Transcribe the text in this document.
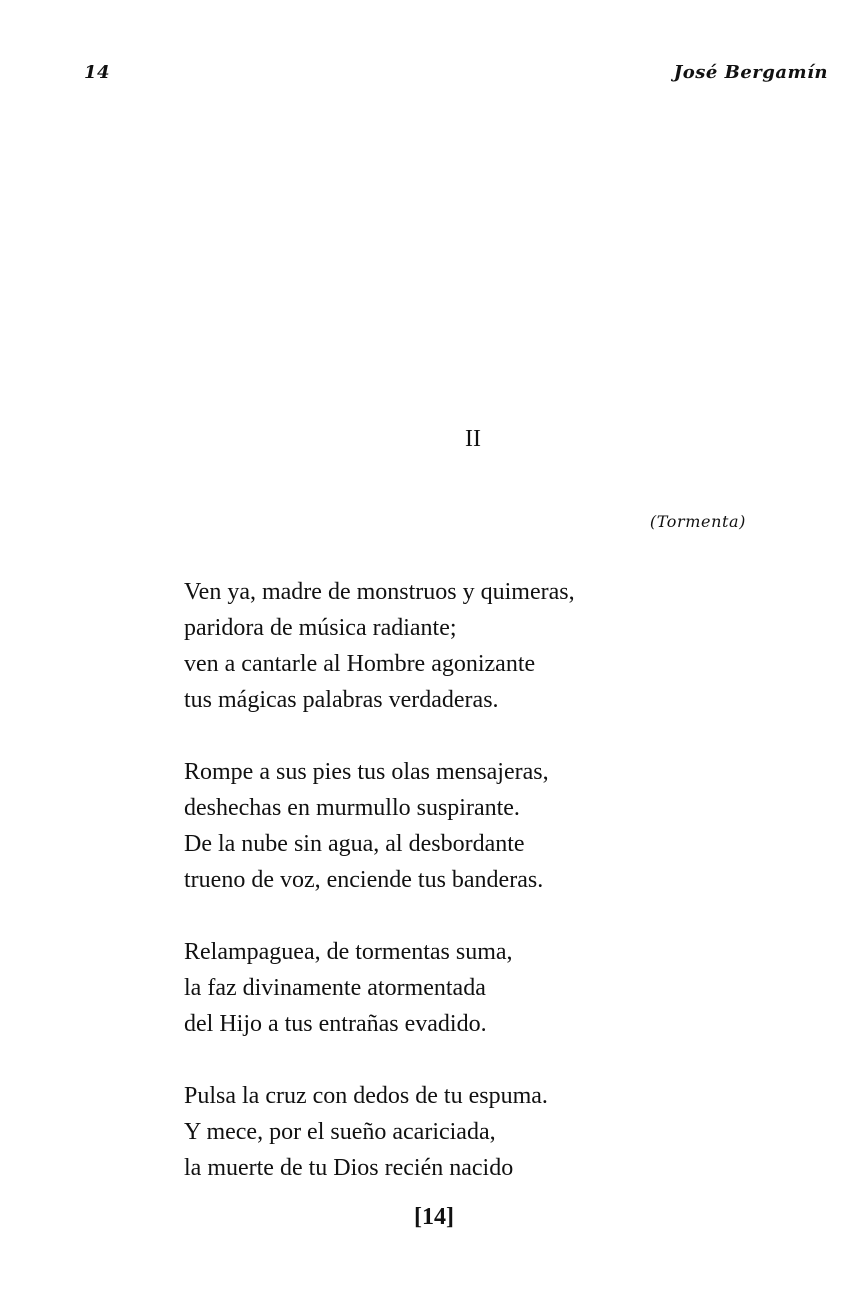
14	José Bergamín
II
(Tormenta)
Ven ya, madre de monstruos y quimeras,
paridora de música radiante;
ven a cantarle al Hombre agonizante
tus mágicas palabras verdaderas.
Rompe a sus pies tus olas mensajeras,
deshechas en murmullo suspirante.
De la nube sin agua, al desbordante
trueno de voz, enciende tus banderas.
Relampaguea, de tormentas suma,
la faz divinamente atormentada
del Hijo a tus entrañas evadido.
Pulsa la cruz con dedos de tu espuma.
Y mece, por el sueño acariciada,
la muerte de tu Dios recién nacido
[14]
